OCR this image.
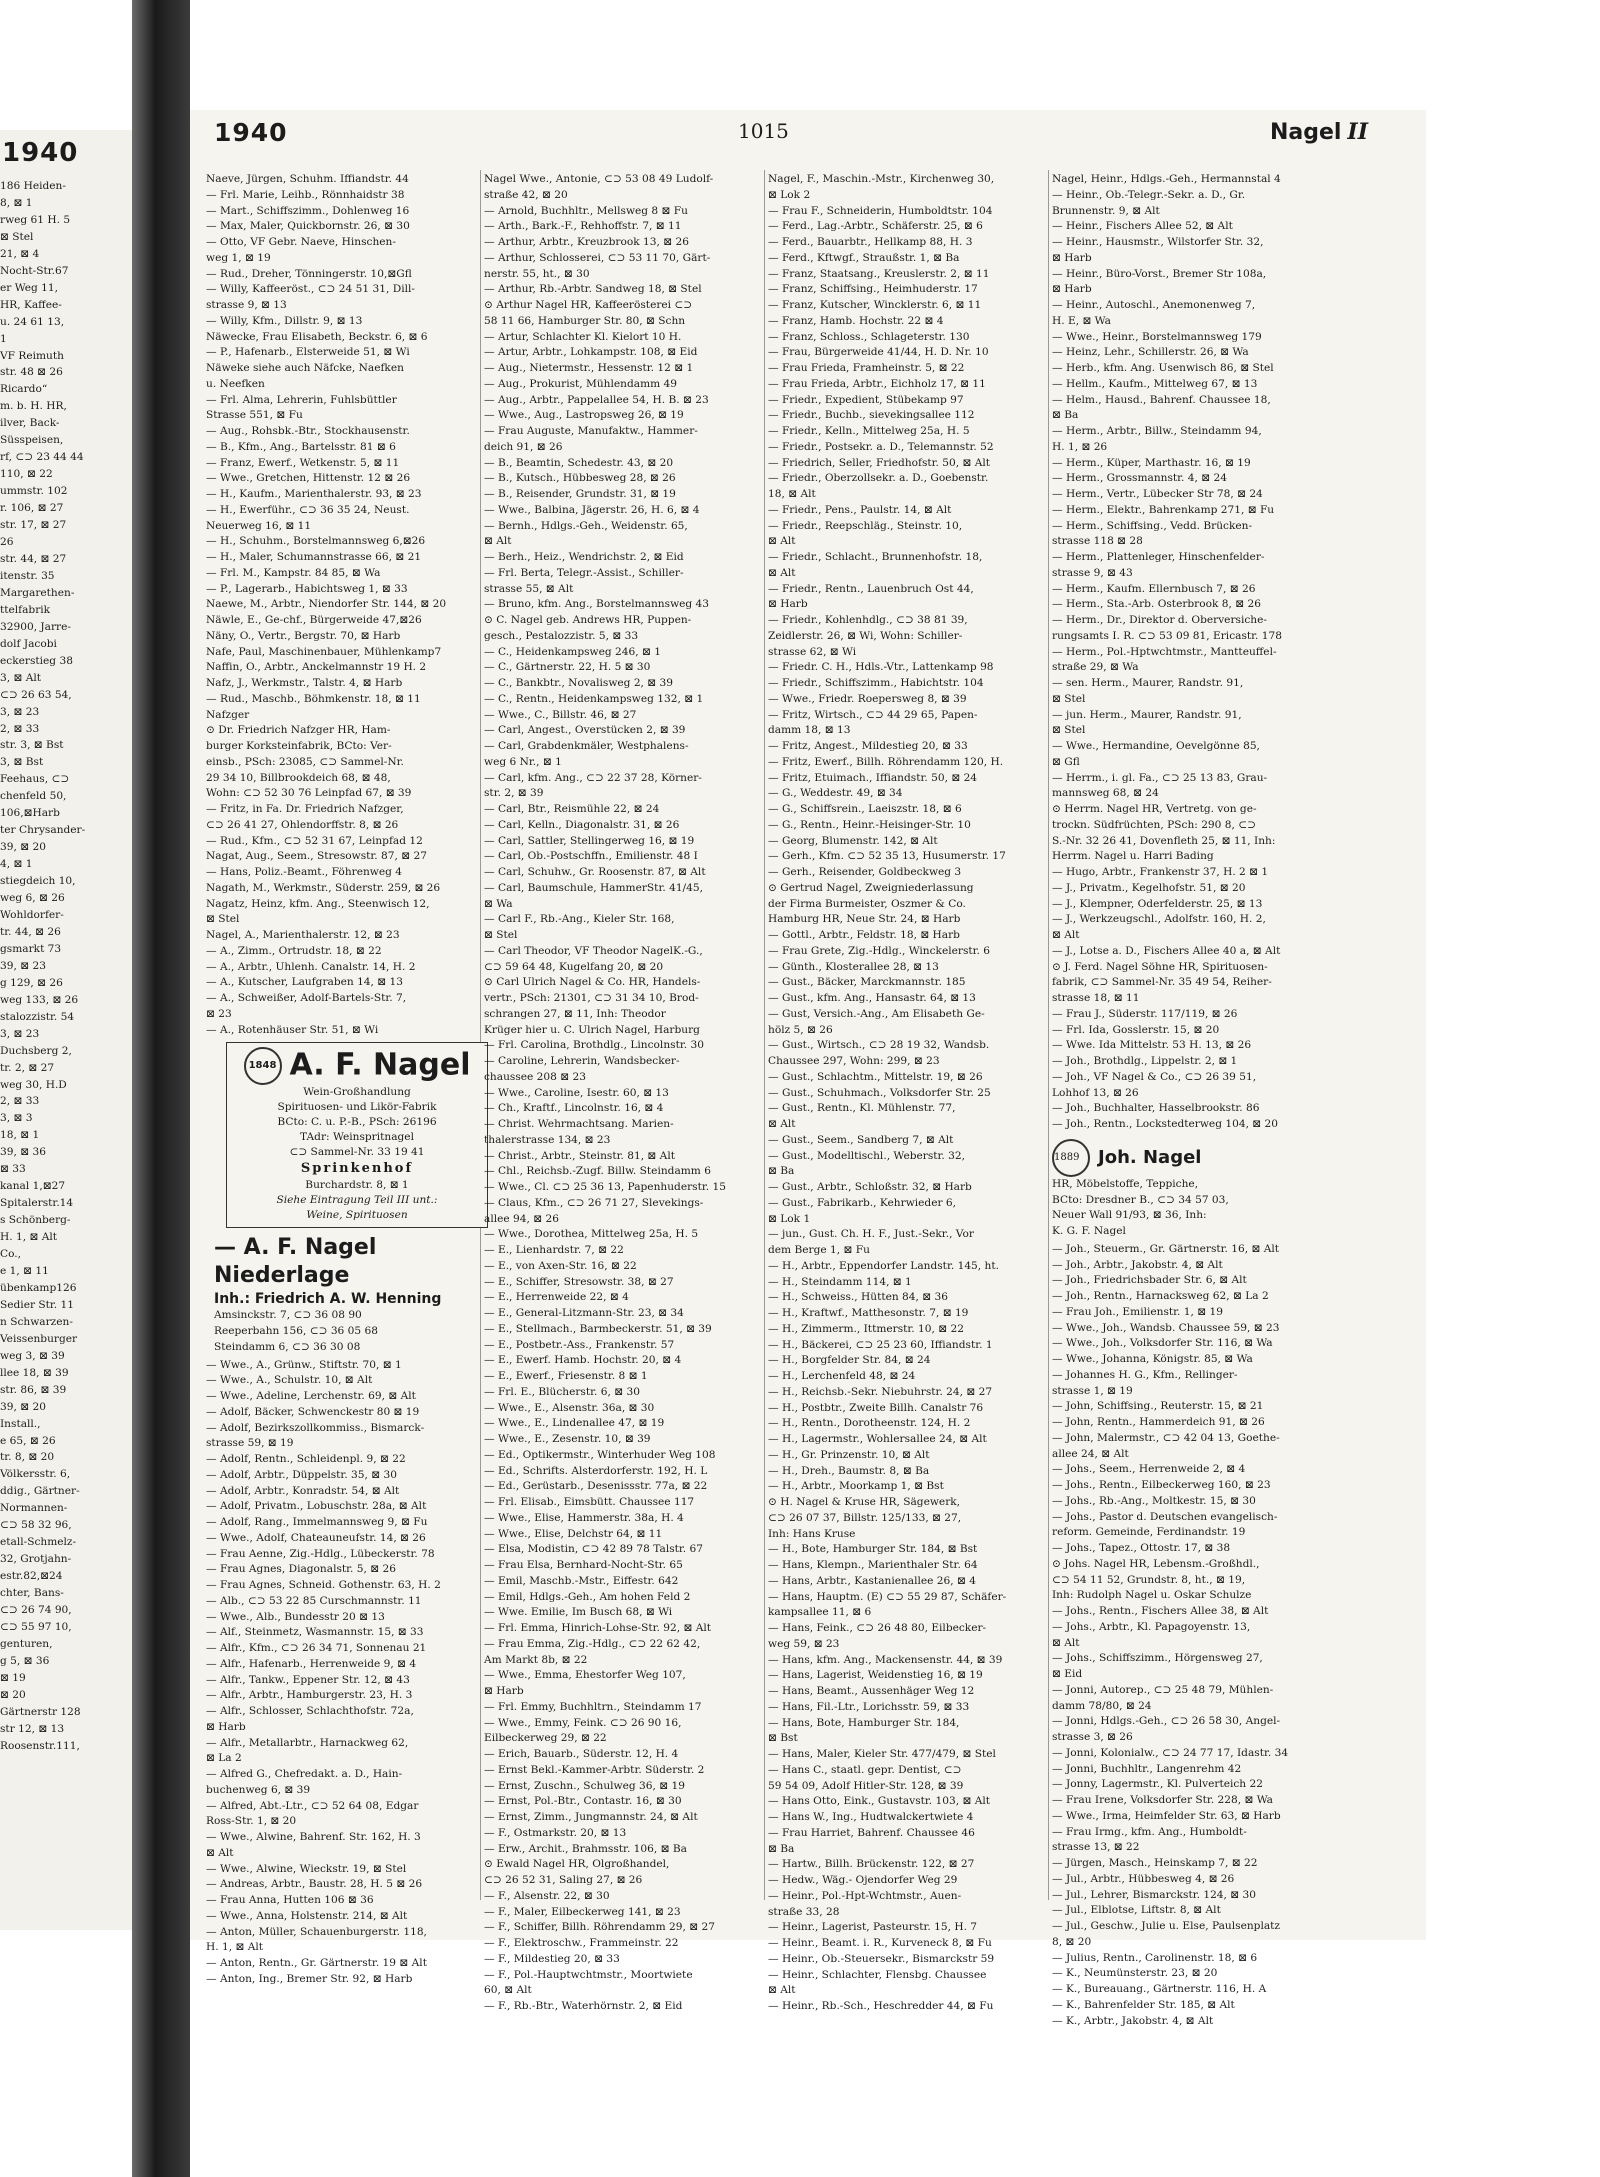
1940
186 Heiden-
8, ⊠ 1
rweg 61 H. 5
⊠ Stel
21, ⊠ 4
Nocht-Str.67
er Weg 11,
HR, Kaffee-
u. 24 61 13,
1
VF Reimuth
str. 48 ⊠ 26
Ricardo“
m. b. H. HR,
ilver, Back-
Süsspeisen,
rf, ⊂⊃ 23 44 44
110, ⊠ 22
ummstr. 102
r. 106, ⊠ 27
str. 17, ⊠ 27
26
str. 44, ⊠ 27
itenstr. 35
Margarethen-
ttelfabrik
32900, Jarre-
dolf Jacobi
eckerstieg 38
3, ⊠ Alt
⊂⊃ 26 63 54,
3, ⊠ 23
2, ⊠ 33
str. 3, ⊠ Bst
3, ⊠ Bst
Feehaus, ⊂⊃
chenfeld 50,
106,⊠Harb
ter Chrysander-
39, ⊠ 20
4, ⊠ 1
stiegdeich 10,
weg 6, ⊠ 26
Wohldorfer-
tr. 44, ⊠ 26
gsmarkt 73
39, ⊠ 23
g 129, ⊠ 26
weg 133, ⊠ 26
stalozzistr. 54
3, ⊠ 23
Duchsberg 2,
tr. 2, ⊠ 27
weg 30, H.D
2, ⊠ 33
3, ⊠ 3
18, ⊠ 1
39, ⊠ 36
⊠ 33
kanal 1,⊠27
Spitalerstr.14
s Schönberg-
H. 1, ⊠ Alt
Co.,
e 1, ⊠ 11
übenkamp126
Sedier Str. 11
n Schwarzen-
Veissenburger
weg 3, ⊠ 39
llee 18, ⊠ 39
str. 86, ⊠ 39
39, ⊠ 20
Install.,
e 65, ⊠ 26
tr. 8, ⊠ 20
Völkersstr. 6,
ddig., Gärtner-
Normannen-
⊂⊃ 58 32 96,
etall-Schmelz-
32, Grotjahn-
estr.82,⊠24
chter, Bans-
⊂⊃ 26 74 90,
⊂⊃ 55 97 10,
genturen,
g 5, ⊠ 36
⊠ 19
⊠ 20
Gärtnerstr 128
str 12, ⊠ 13
Roosenstr.111,
1940	1015	Nagel II
Naeve, Jürgen, Schuhm. Iffiandstr. 44
— Frl. Marie, Leihb., Rönnhaidstr 38
— Mart., Schiffszimm., Dohlenweg 16
— Max, Maler, Quickbornstr. 26, ⊠ 30
— Otto, VF Gebr. Naeve, Hinschen-
weg 1, ⊠ 19
— Rud., Dreher, Tönningerstr. 10,⊠Gfl
— Willy, Kaffeeröst., ⊂⊃ 24 51 31, Dill-
strasse 9, ⊠ 13
— Willy, Kfm., Dillstr. 9, ⊠ 13
Näwecke, Frau Elisabeth, Beckstr. 6, ⊠ 6
— P., Hafenarb., Elsterweide 51, ⊠ Wi
Näweke siehe auch Näfcke, Naefken
u. Neefken
— Frl. Alma, Lehrerin, Fuhlsbüttler
Strasse 551, ⊠ Fu
— Aug., Rohsbk.-Btr., Stockhausenstr.
— B., Kfm., Ang., Bartelsstr. 81 ⊠ 6
— Franz, Ewerf., Wetkenstr. 5, ⊠ 11
— Wwe., Gretchen, Hittenstr. 12 ⊠ 26
— H., Kaufm., Marienthalerstr. 93, ⊠ 23
— H., Ewerführ., ⊂⊃ 36 35 24, Neust.
Neuerweg 16, ⊠ 11
— H., Schuhm., Borstelmannsweg 6,⊠26
— H., Maler, Schumannstrasse 66, ⊠ 21
— Frl. M., Kampstr. 84 85, ⊠ Wa
— P., Lagerarb., Habichtsweg 1, ⊠ 33
Naewe, M., Arbtr., Niendorfer Str. 144, ⊠ 20
Näwle, E., Ge-chf., Bürgerweide 47,⊠26
Näny, O., Vertr., Bergstr. 70, ⊠ Harb
Nafe, Paul, Maschinenbauer, Mühlenkamp7
Naffin, O., Arbtr., Anckelmannstr 19 H. 2
Nafz, J., Werkmstr., Talstr. 4, ⊠ Harb
— Rud., Maschb., Böhmkenstr. 18, ⊠ 11
Nafzger
⊙ Dr. Friedrich Nafzger HR, Ham-
burger Korksteinfabrik, BCto: Ver-
einsb., PSch: 23085, ⊂⊃ Sammel-Nr.
29 34 10, Billbrookdeich 68, ⊠ 48,
Wohn: ⊂⊃ 52 30 76 Leinpfad 67, ⊠ 39
— Fritz, in Fa. Dr. Friedrich Nafzger,
⊂⊃ 26 41 27, Ohlendorffstr. 8, ⊠ 26
— Rud., Kfm., ⊂⊃ 52 31 67, Leinpfad 12
Nagat, Aug., Seem., Stresowstr. 87, ⊠ 27
— Hans, Poliz.-Beamt., Föhrenweg 4
Nagath, M., Werkmstr., Süderstr. 259, ⊠ 26
Nagatz, Heinz, kfm. Ang., Steenwisch 12,
⊠ Stel
Nagel, A., Marienthalerstr. 12, ⊠ 23
— A., Zimm., Ortrudstr. 18, ⊠ 22
— A., Arbtr., Uhlenh. Canalstr. 14, H. 2
— A., Kutscher, Laufgraben 14, ⊠ 13
— A., Schweißer, Adolf-Bartels-Str. 7,
⊠ 23
— A., Rotenhäuser Str. 51, ⊠ Wi
1848 A. F. Nagel
Wein-Großhandlung
Spirituosen- und Likör-Fabrik
BCto: C. u. P.-B., PSch: 26196
TAdr: Weinspritnagel
⊂⊃ Sammel-Nr. 33 19 41
Sprinkenhof
Burchardstr. 8, ⊠ 1
Siehe Eintragung Teil III unt.:
Weine, Spirituosen
— A. F. Nagel Niederlage
Inh.: Friedrich A. W. Henning
Amsinckstr. 7, ⊂⊃ 36 08 90
Reeperbahn 156, ⊂⊃ 36 05 68
Steindamm 6, ⊂⊃ 36 30 08
— Wwe., A., Grünw., Stiftstr. 70, ⊠ 1
— Wwe., A., Schulstr. 10, ⊠ Alt
— Wwe., Adeline, Lerchenstr. 69, ⊠ Alt
— Adolf, Bäcker, Schwenckestr 80 ⊠ 19
— Adolf, Bezirkszollkommiss., Bismarck-
strasse 59, ⊠ 19
— Adolf, Rentn., Schleidenpl. 9, ⊠ 22
— Adolf, Arbtr., Düppelstr. 35, ⊠ 30
— Adolf, Arbtr., Konradstr. 54, ⊠ Alt
— Adolf, Privatm., Lobuschstr. 28a, ⊠ Alt
— Adolf, Rang., Immelmannsweg 9, ⊠ Fu
— Wwe., Adolf, Chateauneufstr. 14, ⊠ 26
— Frau Aenne, Zig.-Hdlg., Lübeckerstr. 78
— Frau Agnes, Diagonalstr. 5, ⊠ 26
— Frau Agnes, Schneid. Gothenstr. 63, H. 2
— Alb., ⊂⊃ 53 22 85 Curschmannstr. 11
— Wwe., Alb., Bundesstr 20 ⊠ 13
— Alf., Steinmetz, Wasmannstr. 15, ⊠ 33
— Alfr., Kfm., ⊂⊃ 26 34 71, Sonnenau 21
— Alfr., Hafenarb., Herrenweide 9, ⊠ 4
— Alfr., Tankw., Eppener Str. 12, ⊠ 43
— Alfr., Arbtr., Hamburgerstr. 23, H. 3
— Alfr., Schlosser, Schlachthofstr. 72a,
⊠ Harb
— Alfr., Metallarbtr., Harnackweg 62,
⊠ La 2
— Alfred G., Chefredakt. a. D., Hain-
buchenweg 6, ⊠ 39
— Alfred, Abt.-Ltr., ⊂⊃ 52 64 08, Edgar
Ross-Str. 1, ⊠ 20
— Wwe., Alwine, Bahrenf. Str. 162, H. 3
⊠ Alt
— Wwe., Alwine, Wieckstr. 19, ⊠ Stel
— Andreas, Arbtr., Baustr. 28, H. 5 ⊠ 26
— Frau Anna, Hutten 106 ⊠ 36
— Wwe., Anna, Holstenstr. 214, ⊠ Alt
— Anton, Müller, Schauenburgerstr. 118,
H. 1, ⊠ Alt
— Anton, Rentn., Gr. Gärtnerstr. 19 ⊠ Alt
— Anton, Ing., Bremer Str. 92, ⊠ Harb
Nagel Wwe., Antonie, ⊂⊃ 53 08 49 Ludolf-
straße 42, ⊠ 20
— Arnold, Buchhltr., Mellsweg 8 ⊠ Fu
— Arth., Bark.-F., Rehhoffstr. 7, ⊠ 11
— Arthur, Arbtr., Kreuzbrook 13, ⊠ 26
— Arthur, Schlosserei, ⊂⊃ 53 11 70, Gärt-
nerstr. 55, ht., ⊠ 30
— Arthur, Rb.-Arbtr. Sandweg 18, ⊠ Stel
⊙ Arthur Nagel HR, Kaffeerösterei ⊂⊃
58 11 66, Hamburger Str. 80, ⊠ Schn
— Artur, Schlachter Kl. Kielort 10 H.
— Artur, Arbtr., Lohkampstr. 108, ⊠ Eid
— Aug., Nietermstr., Hessenstr. 12 ⊠ 1
— Aug., Prokurist, Mühlendamm 49
— Aug., Arbtr., Pappelallee 54, H. B. ⊠ 23
— Wwe., Aug., Lastropsweg 26, ⊠ 19
— Frau Auguste, Manufaktw., Hammer-
deich 91, ⊠ 26
— B., Beamtin, Schedestr. 43, ⊠ 20
— B., Kutsch., Hübbesweg 28, ⊠ 26
— B., Reisender, Grundstr. 31, ⊠ 19
— Wwe., Balbina, Jägerstr. 26, H. 6, ⊠ 4
— Bernh., Hdlgs.-Geh., Weidenstr. 65,
⊠ Alt
— Berh., Heiz., Wendrichstr. 2, ⊠ Eid
— Frl. Berta, Telegr.-Assist., Schiller-
strasse 55, ⊠ Alt
— Bruno, kfm. Ang., Borstelmannsweg 43
⊙ C. Nagel geb. Andrews HR, Puppen-
gesch., Pestalozzistr. 5, ⊠ 33
— C., Heidenkampsweg 246, ⊠ 1
— C., Gärtnerstr. 22, H. 5 ⊠ 30
— C., Bankbtr., Novalisweg 2, ⊠ 39
— C., Rentn., Heidenkampsweg 132, ⊠ 1
— Wwe., C., Billstr. 46, ⊠ 27
— Carl, Angest., Overstücken 2, ⊠ 39
— Carl, Grabdenkmäler, Westphalens-
weg 6 Nr., ⊠ 1
— Carl, kfm. Ang., ⊂⊃ 22 37 28, Körner-
str. 2, ⊠ 39
— Carl, Btr., Reismühle 22, ⊠ 24
— Carl, Kelln., Diagonalstr. 31, ⊠ 26
— Carl, Sattler, Stellingerweg 16, ⊠ 19
— Carl, Ob.-Postschffn., Emilienstr. 48 I
— Carl, Schuhw., Gr. Roosenstr. 87, ⊠ Alt
— Carl, Baumschule, HammerStr. 41/45,
⊠ Wa
— Carl F., Rb.-Ang., Kieler Str. 168,
⊠ Stel
— Carl Theodor, VF Theodor NagelK.-G.,
⊂⊃ 59 64 48, Kugelfang 20, ⊠ 20
⊙ Carl Ulrich Nagel & Co. HR, Handels-
vertr., PSch: 21301, ⊂⊃ 31 34 10, Brod-
schrangen 27, ⊠ 11, Inh: Theodor
Krüger hier u. C. Ulrich Nagel, Harburg
— Frl. Carolina, Brothdlg., Lincolnstr. 30
— Caroline, Lehrerin, Wandsbecker-
chaussee 208 ⊠ 23
— Wwe., Caroline, Isestr. 60, ⊠ 13
— Ch., Kraftf., Lincolnstr. 16, ⊠ 4
— Christ. Wehrmachtsang. Marien-
thalerstrasse 134, ⊠ 23
— Christ., Arbtr., Steinstr. 81, ⊠ Alt
— Chl., Reichsb.-Zugf. Billw. Steindamm 6
— Wwe., Cl. ⊂⊃ 25 36 13, Papenhuderstr. 15
— Claus, Kfm., ⊂⊃ 26 71 27, Slevekings-
allee 94, ⊠ 26
— Wwe., Dorothea, Mittelweg 25a, H. 5
— E., Lienhardstr. 7, ⊠ 22
— E., von Axen-Str. 16, ⊠ 22
— E., Schiffer, Stresowstr. 38, ⊠ 27
— E., Herrenweide 22, ⊠ 4
— E., General-Litzmann-Str. 23, ⊠ 34
— E., Stellmach., Barmbeckerstr. 51, ⊠ 39
— E., Postbetr.-Ass., Frankenstr. 57
— E., Ewerf. Hamb. Hochstr. 20, ⊠ 4
— E., Ewerf., Friesenstr. 8 ⊠ 1
— Frl. E., Blücherstr. 6, ⊠ 30
— Wwe., E., Alsenstr. 36a, ⊠ 30
— Wwe., E., Lindenallee 47, ⊠ 19
— Wwe., E., Zesenstr. 10, ⊠ 39
— Ed., Optikermstr., Winterhuder Weg 108
— Ed., Schrifts. Alsterdorferstr. 192, H. L
— Ed., Gerüstarb., Desenissstr. 77a, ⊠ 22
— Frl. Elisab., Eimsbütt. Chaussee 117
— Wwe., Elise, Hammerstr. 38a, H. 4
— Wwe., Elise, Delchstr 64, ⊠ 11
— Elsa, Modistin, ⊂⊃ 42 89 78 Talstr. 67
— Frau Elsa, Bernhard-Nocht-Str. 65
— Emil, Maschb.-Mstr., Eiffestr. 642
— Emil, Hdlgs.-Geh., Am hohen Feld 2
— Wwe. Emilie, Im Busch 68, ⊠ Wi
— Frl. Emma, Hinrich-Lohse-Str. 92, ⊠ Alt
— Frau Emma, Zig.-Hdlg., ⊂⊃ 22 62 42,
Am Markt 8b, ⊠ 22
— Wwe., Emma, Ehestorfer Weg 107,
⊠ Harb
— Frl. Emmy, Buchhltrn., Steindamm 17
— Wwe., Emmy, Feink. ⊂⊃ 26 90 16,
Eilbeckerweg 29, ⊠ 22
— Erich, Bauarb., Süderstr. 12, H. 4
— Ernst Bekl.-Kammer-Arbtr. Süderstr. 2
— Ernst, Zuschn., Schulweg 36, ⊠ 19
— Ernst, Pol.-Btr., Contastr. 16, ⊠ 30
— Ernst, Zimm., Jungmannstr. 24, ⊠ Alt
— F., Ostmarkstr. 20, ⊠ 13
— Erw., Archit., Brahmsstr. 106, ⊠ Ba
⊙ Ewald Nagel HR, Olgroßhandel,
⊂⊃ 26 52 31, Saling 27, ⊠ 26
— F., Alsenstr. 22, ⊠ 30
— F., Maler, Eilbeckerweg 141, ⊠ 23
— F., Schiffer, Billh. Röhrendamm 29, ⊠ 27
— F., Elektroschw., Frammeinstr. 22
— F., Mildestieg 20, ⊠ 33
— F., Pol.-Hauptwchtmstr., Moortwiete
60, ⊠ Alt
— F., Rb.-Btr., Waterhörnstr. 2, ⊠ Eid
Nagel, F., Maschin.-Mstr., Kirchenweg 30,
⊠ Lok 2
— Frau F., Schneiderin, Humboldtstr. 104
— Ferd., Lag.-Arbtr., Schäferstr. 25, ⊠ 6
— Ferd., Bauarbtr., Hellkamp 88, H. 3
— Ferd., Kftwgf., Straußstr. 1, ⊠ Ba
— Franz, Staatsang., Kreuslerstr. 2, ⊠ 11
— Franz, Schiffsing., Heimhuderstr. 17
— Franz, Kutscher, Wincklerstr. 6, ⊠ 11
— Franz, Hamb. Hochstr. 22 ⊠ 4
— Franz, Schloss., Schlageterstr. 130
— Frau, Bürgerweide 41/44, H. D. Nr. 10
— Frau Frieda, Framheinstr. 5, ⊠ 22
— Frau Frieda, Arbtr., Eichholz 17, ⊠ 11
— Friedr., Expedient, Stübekamp 97
— Friedr., Buchb., sievekingsallee 112
— Friedr., Kelln., Mittelweg 25a, H. 5
— Friedr., Postsekr. a. D., Telemannstr. 52
— Friedrich, Seller, Friedhofstr. 50, ⊠ Alt
— Friedr., Oberzollsekr. a. D., Goebenstr.
18, ⊠ Alt
— Friedr., Pens., Paulstr. 14, ⊠ Alt
— Friedr., Reepschläg., Steinstr. 10,
⊠ Alt
— Friedr., Schlacht., Brunnenhofstr. 18,
⊠ Alt
— Friedr., Rentn., Lauenbruch Ost 44,
⊠ Harb
— Friedr., Kohlenhdlg., ⊂⊃ 38 81 39,
Zeidlerstr. 26, ⊠ Wi, Wohn: Schiller-
strasse 62, ⊠ Wi
— Friedr. C. H., Hdls.-Vtr., Lattenkamp 98
— Friedr., Schiffszimm., Habichtstr. 104
— Wwe., Friedr. Roepersweg 8, ⊠ 39
— Fritz, Wirtsch., ⊂⊃ 44 29 65, Papen-
damm 18, ⊠ 13
— Fritz, Angest., Mildestieg 20, ⊠ 33
— Fritz, Ewerf., Billh. Röhrendamm 120, H.
— Fritz, Etuimach., Iffiandstr. 50, ⊠ 24
— G., Weddestr. 49, ⊠ 34
— G., Schiffsrein., Laeiszstr. 18, ⊠ 6
— G., Rentn., Heinr.-Heisinger-Str. 10
— Georg, Blumenstr. 142, ⊠ Alt
— Gerh., Kfm. ⊂⊃ 52 35 13, Husumerstr. 17
— Gerh., Reisender, Goldbeckweg 3
⊙ Gertrud Nagel, Zweigniederlassung
der Firma Burmeister, Oszmer & Co.
Hamburg HR, Neue Str. 24, ⊠ Harb
— Gottl., Arbtr., Feldstr. 18, ⊠ Harb
— Frau Grete, Zig.-Hdlg., Winckelerstr. 6
— Günth., Klosterallee 28, ⊠ 13
— Gust., Bäcker, Marckmannstr. 185
— Gust., kfm. Ang., Hansastr. 64, ⊠ 13
— Gust, Versich.-Ang., Am Elisabeth Ge-
hölz 5, ⊠ 26
— Gust., Wirtsch., ⊂⊃ 28 19 32, Wandsb.
Chaussee 297, Wohn: 299, ⊠ 23
— Gust., Schlachtm., Mittelstr. 19, ⊠ 26
— Gust., Schuhmach., Volksdorfer Str. 25
— Gust., Rentn., Kl. Mühlenstr. 77,
⊠ Alt
— Gust., Seem., Sandberg 7, ⊠ Alt
— Gust., Modelltischl., Weberstr. 32,
⊠ Ba
— Gust., Arbtr., Schloßstr. 32, ⊠ Harb
— Gust., Fabrikarb., Kehrwieder 6,
⊠ Lok 1
— jun., Gust. Ch. H. F., Just.-Sekr., Vor
dem Berge 1, ⊠ Fu
— H., Arbtr., Eppendorfer Landstr. 145, ht.
— H., Steindamm 114, ⊠ 1
— H., Schweiss., Hütten 84, ⊠ 36
— H., Kraftwf., Matthesonstr. 7, ⊠ 19
— H., Zimmerm., Ittmerstr. 10, ⊠ 22
— H., Bäckerei, ⊂⊃ 25 23 60, Iffiandstr. 1
— H., Borgfelder Str. 84, ⊠ 24
— H., Lerchenfeld 48, ⊠ 24
— H., Reichsb.-Sekr. Niebuhrstr. 24, ⊠ 27
— H., Postbtr., Zweite Billh. Canalstr 76
— H., Rentn., Dorotheenstr. 124, H. 2
— H., Lagermstr., Wohlersallee 24, ⊠ Alt
— H., Gr. Prinzenstr. 10, ⊠ Alt
— H., Dreh., Baumstr. 8, ⊠ Ba
— H., Arbtr., Moorkamp 1, ⊠ Bst
⊙ H. Nagel & Kruse HR, Sägewerk,
⊂⊃ 26 07 37, Billstr. 125/133, ⊠ 27,
Inh: Hans Kruse
— H., Bote, Hamburger Str. 184, ⊠ Bst
— Hans, Klempn., Marienthaler Str. 64
— Hans, Arbtr., Kastanienallee 26, ⊠ 4
— Hans, Hauptm. (E) ⊂⊃ 55 29 87, Schäfer-
kampsallee 11, ⊠ 6
— Hans, Feink., ⊂⊃ 26 48 80, Eilbecker-
weg 59, ⊠ 23
— Hans, kfm. Ang., Mackensenstr. 44, ⊠ 39
— Hans, Lagerist, Weidenstieg 16, ⊠ 19
— Hans, Beamt., Aussenhäger Weg 12
— Hans, Fil.-Ltr., Lorichsstr. 59, ⊠ 33
— Hans, Bote, Hamburger Str. 184,
⊠ Bst
— Hans, Maler, Kieler Str. 477/479, ⊠ Stel
— Hans C., staatl. gepr. Dentist, ⊂⊃
59 54 09, Adolf Hitler-Str. 128, ⊠ 39
— Hans Otto, Eink., Gustavstr. 103, ⊠ Alt
— Hans W., Ing., Hudtwalckertwiete 4
— Frau Harriet, Bahrenf. Chaussee 46
⊠ Ba
— Hartw., Billh. Brückenstr. 122, ⊠ 27
— Hedw., Wäg.- Ojendorfer Weg 29
— Heinr., Pol.-Hpt-Wchtmstr., Auen-
straße 33, 28
— Heinr., Lagerist, Pasteurstr. 15, H. 7
— Heinr., Beamt. i. R., Kurveneck 8, ⊠ Fu
— Heinr., Ob.-Steuersekr., Bismarckstr 59
— Heinr., Schlachter, Flensbg. Chaussee
⊠ Alt
— Heinr., Rb.-Sch., Heschredder 44, ⊠ Fu
Nagel, Heinr., Hdlgs.-Geh., Hermannstal 4
— Heinr., Ob.-Telegr.-Sekr. a. D., Gr.
Brunnenstr. 9, ⊠ Alt
— Heinr., Fischers Allee 52, ⊠ Alt
— Heinr., Hausmstr., Wilstorfer Str. 32,
⊠ Harb
— Heinr., Büro-Vorst., Bremer Str 108a,
⊠ Harb
— Heinr., Autoschl., Anemonenweg 7,
H. E, ⊠ Wa
— Wwe., Heinr., Borstelmannsweg 179
— Heinz, Lehr., Schillerstr. 26, ⊠ Wa
— Herb., kfm. Ang. Usenwisch 86, ⊠ Stel
— Hellm., Kaufm., Mittelweg 67, ⊠ 13
— Helm., Hausd., Bahrenf. Chaussee 18,
⊠ Ba
— Herm., Arbtr., Billw., Steindamm 94,
H. 1, ⊠ 26
— Herm., Küper, Marthastr. 16, ⊠ 19
— Herm., Grossmannstr. 4, ⊠ 24
— Herm., Vertr., Lübecker Str 78, ⊠ 24
— Herm., Elektr., Bahrenkamp 271, ⊠ Fu
— Herm., Schiffsing., Vedd. Brücken-
strasse 118 ⊠ 28
— Herm., Plattenleger, Hinschenfelder-
strasse 9, ⊠ 43
— Herm., Kaufm. Ellernbusch 7, ⊠ 26
— Herm., Sta.-Arb. Osterbrook 8, ⊠ 26
— Herm., Dr., Direktor d. Oberversiche-
rungsamts I. R. ⊂⊃ 53 09 81, Ericastr. 178
— Herm., Pol.-Hptwchtmstr., Mantteuffel-
straße 29, ⊠ Wa
— sen. Herm., Maurer, Randstr. 91,
⊠ Stel
— jun. Herm., Maurer, Randstr. 91,
⊠ Stel
— Wwe., Hermandine, Oevelgönne 85,
⊠ Gfl
— Herrm., i. gl. Fa., ⊂⊃ 25 13 83, Grau-
mannsweg 68, ⊠ 24
⊙ Herrm. Nagel HR, Vertretg. von ge-
trockn. Südfrüchten, PSch: 290 8, ⊂⊃
S.-Nr. 32 26 41, Dovenfleth 25, ⊠ 11, Inh:
Herrm. Nagel u. Harri Bading
— Hugo, Arbtr., Frankenstr 37, H. 2 ⊠ 1
— J., Privatm., Kegelhofstr. 51, ⊠ 20
— J., Klempner, Oderfelderstr. 25, ⊠ 13
— J., Werkzeugschl., Adolfstr. 160, H. 2,
⊠ Alt
— J., Lotse a. D., Fischers Allee 40 a, ⊠ Alt
⊙ J. Ferd. Nagel Söhne HR, Spirituosen-
fabrik, ⊂⊃ Sammel-Nr. 35 49 54, Reiher-
strasse 18, ⊠ 11
— Frau J., Süderstr. 117/119, ⊠ 26
— Frl. Ida, Gosslerstr. 15, ⊠ 20
— Wwe. Ida Mittelstr. 53 H. 13, ⊠ 26
— Joh., Brothdlg., Lippelstr. 2, ⊠ 1
— Joh., VF Nagel & Co., ⊂⊃ 26 39 51,
Lohhof 13, ⊠ 26
— Joh., Buchhalter, Hasselbrookstr. 86
— Joh., Rentn., Lockstedterweg 104, ⊠ 20
1889	Joh. Nagel
HR, Möbelstoffe, Teppiche,
BCto: Dresdner B., ⊂⊃ 34 57 03,
Neuer Wall 91/93, ⊠ 36, Inh:
K. G. F. Nagel
— Joh., Steuerm., Gr. Gärtnerstr. 16, ⊠ Alt
— Joh., Arbtr., Jakobstr. 4, ⊠ Alt
— Joh., Friedrichsbader Str. 6, ⊠ Alt
— Joh., Rentn., Harnacksweg 62, ⊠ La 2
— Frau Joh., Emilienstr. 1, ⊠ 19
— Wwe., Joh., Wandsb. Chaussee 59, ⊠ 23
— Wwe., Joh., Volksdorfer Str. 116, ⊠ Wa
— Wwe., Johanna, Königstr. 85, ⊠ Wa
— Johannes H. G., Kfm., Rellinger-
strasse 1, ⊠ 19
— John, Schiffsing., Reuterstr. 15, ⊠ 21
— John, Rentn., Hammerdeich 91, ⊠ 26
— John, Malermstr., ⊂⊃ 42 04 13, Goethe-
allee 24, ⊠ Alt
— Johs., Seem., Herrenweide 2, ⊠ 4
— Johs., Rentn., Eilbeckerweg 160, ⊠ 23
— Johs., Rb.-Ang., Moltkestr. 15, ⊠ 30
— Johs., Pastor d. Deutschen evangelisch-
reform. Gemeinde, Ferdinandstr. 19
— Johs., Tapez., Ottostr. 17, ⊠ 38
⊙ Johs. Nagel HR, Lebensm.-Großhdl.,
⊂⊃ 54 11 52, Grundstr. 8, ht., ⊠ 19,
Inh: Rudolph Nagel u. Oskar Schulze
— Johs., Rentn., Fischers Allee 38, ⊠ Alt
— Johs., Arbtr., Kl. Papagoyenstr. 13,
⊠ Alt
— Johs., Schiffszimm., Hörgensweg 27,
⊠ Eid
— Jonni, Autorep., ⊂⊃ 25 48 79, Mühlen-
damm 78/80, ⊠ 24
— Jonni, Hdlgs.-Geh., ⊂⊃ 26 58 30, Angel-
strasse 3, ⊠ 26
— Jonni, Kolonialw., ⊂⊃ 24 77 17, Idastr. 34
— Jonni, Buchhltr., Langenrehm 42
— Jonny, Lagermstr., Kl. Pulverteich 22
— Frau Irene, Volksdorfer Str. 228, ⊠ Wa
— Wwe., Irma, Heimfelder Str. 63, ⊠ Harb
— Frau Irmg., kfm. Ang., Humboldt-
strasse 13, ⊠ 22
— Jürgen, Masch., Heinskamp 7, ⊠ 22
— Jul., Arbtr., Hübbesweg 4, ⊠ 26
— Jul., Lehrer, Bismarckstr. 124, ⊠ 30
— Jul., Elblotse, Liftstr. 8, ⊠ Alt
— Jul., Geschw., Julie u. Else, Paulsenplatz
8, ⊠ 20
— Julius, Rentn., Carolinenstr. 18, ⊠ 6
— K., Neumünsterstr. 23, ⊠ 20
— K., Bureauang., Gärtnerstr. 116, H. A
— K., Bahrenfelder Str. 185, ⊠ Alt
— K., Arbtr., Jakobstr. 4, ⊠ Alt
